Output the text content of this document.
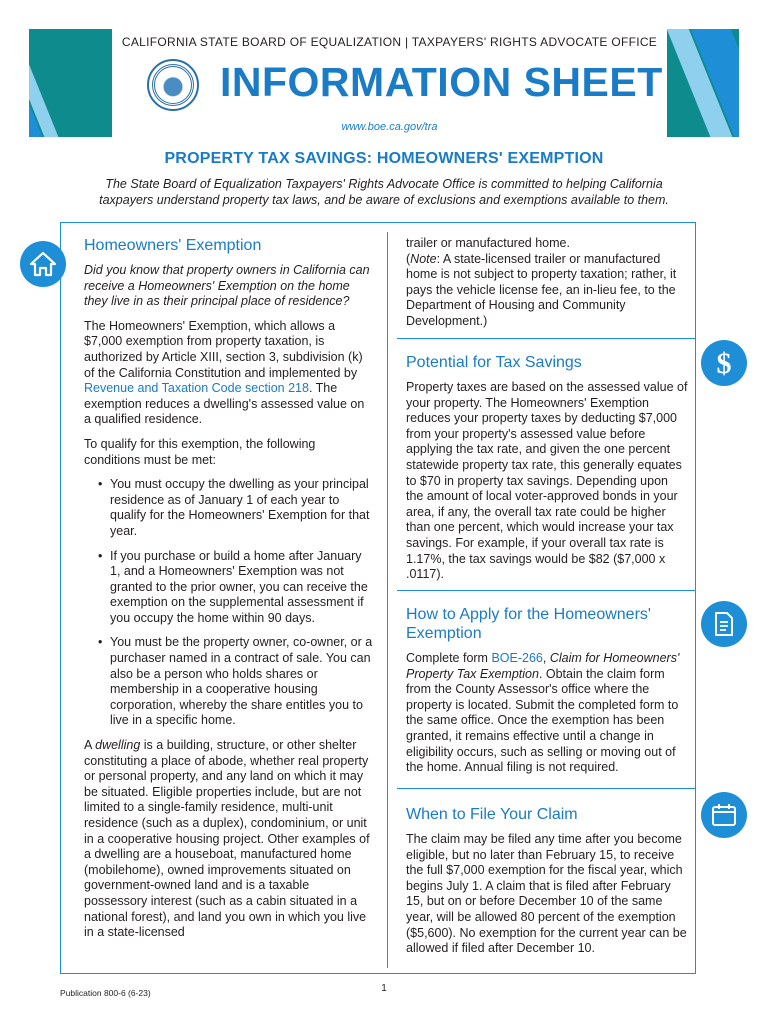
CALIFORNIA STATE BOARD OF EQUALIZATION | TAXPAYERS' RIGHTS ADVOCATE OFFICE
INFORMATION SHEET
www.boe.ca.gov/tra
PROPERTY TAX SAVINGS: HOMEOWNERS' EXEMPTION
The State Board of Equalization Taxpayers' Rights Advocate Office is committed to helping California taxpayers understand property tax laws, and be aware of exclusions and exemptions available to them.
$
Homeowners' Exemption

Did you know that property owners in California can receive a Homeowners' Exemption on the home they live in as their principal place of residence?

The Homeowners' Exemption, which allows a $7,000 exemption from property taxation, is authorized by Article XIII, section 3, subdivision (k) of the California Constitution and implemented by Revenue and Taxation Code section 218. The exemption reduces a dwelling's assessed value on a qualified residence.

To qualify for this exemption, the following conditions must be met:

• You must occupy the dwelling as your principal residence as of January 1 of each year to qualify for the Homeowners' Exemption for that year.
• If you purchase or build a home after January 1, and a Homeowners' Exemption was not granted to the prior owner, you can receive the exemption on the supplemental assessment if you occupy the home within 90 days.
• You must be the property owner, co-owner, or a purchaser named in a contract of sale. You can also be a person who holds shares or membership in a cooperative housing corporation, whereby the share entitles you to live in a specific home.

A dwelling is a building, structure, or other shelter constituting a place of abode, whether real property or personal property, and any land on which it may be situated. Eligible properties include, but are not limited to a single-family residence, multi-unit residence (such as a duplex), condominium, or unit in a cooperative housing project. Other examples of a dwelling are a houseboat, manufactured home (mobilehome), owned improvements situated on government-owned land and is a taxable possessory interest (such as a cabin situated in a national forest), and land you own in which you live in a state-licensed

trailer or manufactured home.
(Note: A state-licensed trailer or manufactured home is not subject to property taxation; rather, it pays the vehicle license fee, an in-lieu fee, to the Department of Housing and Community Development.)

Potential for Tax Savings

Property taxes are based on the assessed value of your property. The Homeowners' Exemption reduces your property taxes by deducting $7,000 from your property's assessed value before applying the tax rate, and given the one percent statewide property tax rate, this generally equates to $70 in property tax savings. Depending upon the amount of local voter-approved bonds in your area, if any, the overall tax rate could be higher than one percent, which would increase your tax savings. For example, if your overall tax rate is 1.17%, the tax savings would be $82 ($7,000 x .0117).

How to Apply for the Homeowners' Exemption

Complete form BOE-266, Claim for Homeowners' Property Tax Exemption. Obtain the claim form from the County Assessor's office where the property is located. Submit the completed form to the same office. Once the exemption has been granted, it remains effective until a change in eligibility occurs, such as selling or moving out of the home. Annual filing is not required.

When to File Your Claim

The claim may be filed any time after you become eligible, but no later than February 15, to receive the full $7,000 exemption for the fiscal year, which begins July 1. A claim that is filed after February 15, but on or before December 10 of the same year, will be allowed 80 percent of the exemption ($5,600). No exemption for the current year can be allowed if filed after December 10.

Publication 800-6 (6-23)	1
